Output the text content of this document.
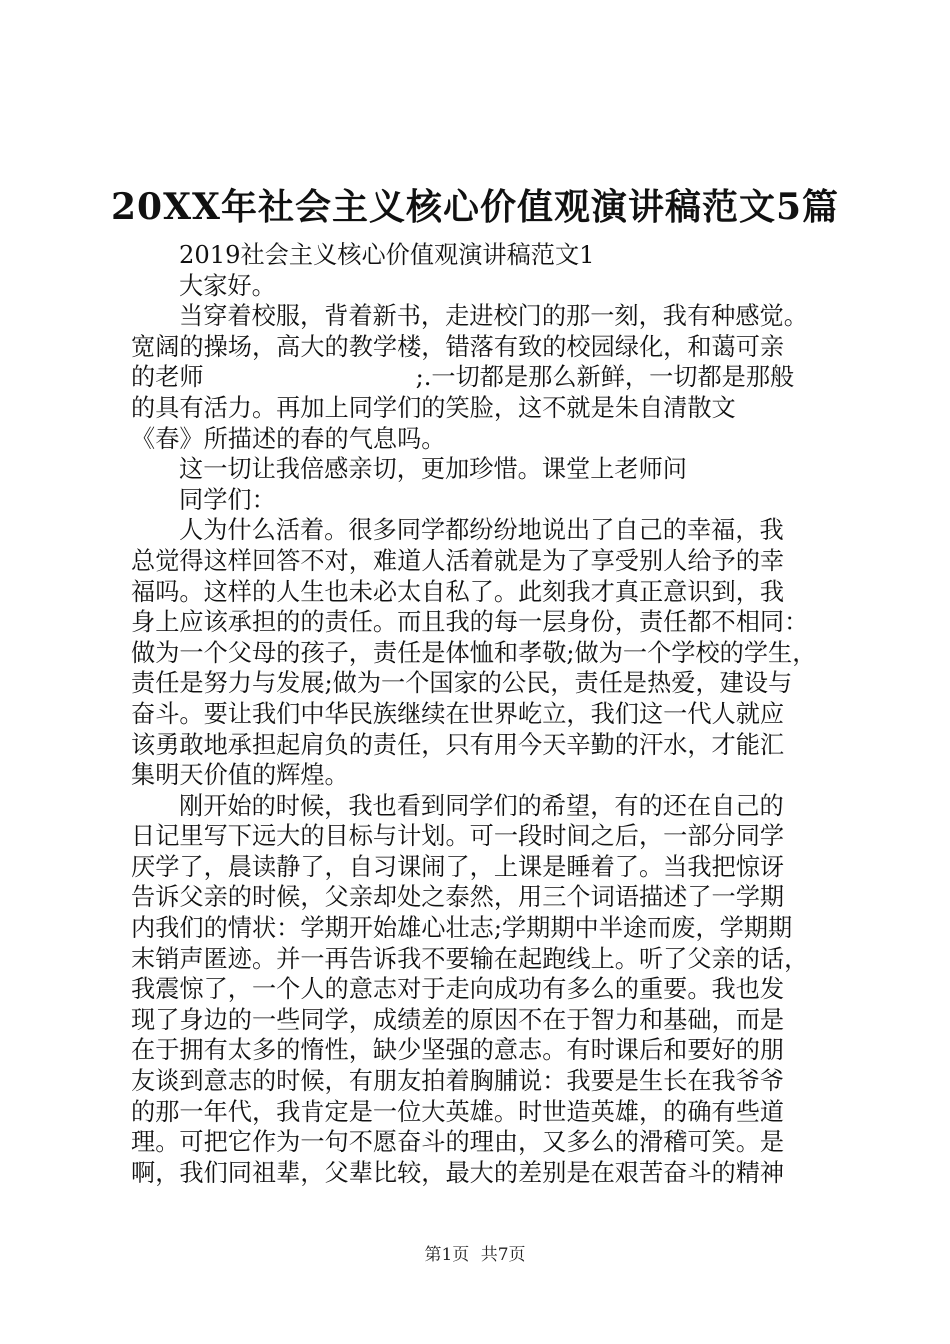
20XX年社会主义核心价值观演讲稿范文5篇
2019社会主义核心价值观演讲稿范文1
大家好。
当穿着校服，背着新书，走进校门的那一刻，我有种感觉。
宽阔的操场，高大的教学楼，错落有致的校园绿化，和蔼可亲
的老师	;.一切都是那么新鲜，一切都是那般
的具有活力。再加上同学们的笑脸，这不就是朱自清散文
《春》所描述的春的气息吗。
这一切让我倍感亲切，更加珍惜。课堂上老师问
同学们：
人为什么活着。很多同学都纷纷地说出了自己的幸福，我
总觉得这样回答不对，难道人活着就是为了享受别人给予的幸
福吗。这样的人生也未必太自私了。此刻我才真正意识到，我
身上应该承担的的责任。而且我的每一层身份，责任都不相同：
做为一个父母的孩子，责任是体恤和孝敬;做为一个学校的学生，
责任是努力与发展;做为一个国家的公民，责任是热爱，建设与
奋斗。要让我们中华民族继续在世界屹立，我们这一代人就应
该勇敢地承担起肩负的责任，只有用今天辛勤的汗水，才能汇
集明天价值的辉煌。
刚开始的时候，我也看到同学们的希望，有的还在自己的
日记里写下远大的目标与计划。可一段时间之后，一部分同学
厌学了，晨读静了，自习课闹了，上课是睡着了。当我把惊讶
告诉父亲的时候，父亲却处之泰然，用三个词语描述了一学期
内我们的情状：学期开始雄心壮志;学期期中半途而废，学期期
末销声匿迹。并一再告诉我不要输在起跑线上。听了父亲的话，
我震惊了，一个人的意志对于走向成功有多么的重要。我也发
现了身边的一些同学，成绩差的原因不在于智力和基础，而是
在于拥有太多的惰性，缺少坚强的意志。有时课后和要好的朋
友谈到意志的时候，有朋友拍着胸脯说：我要是生长在我爷爷
的那一年代，我肯定是一位大英雄。时世造英雄，的确有些道
理。可把它作为一句不愿奋斗的理由，又多么的滑稽可笑。是
啊，我们同祖辈，父辈比较，最大的差别是在艰苦奋斗的精神
第1页 共7页
